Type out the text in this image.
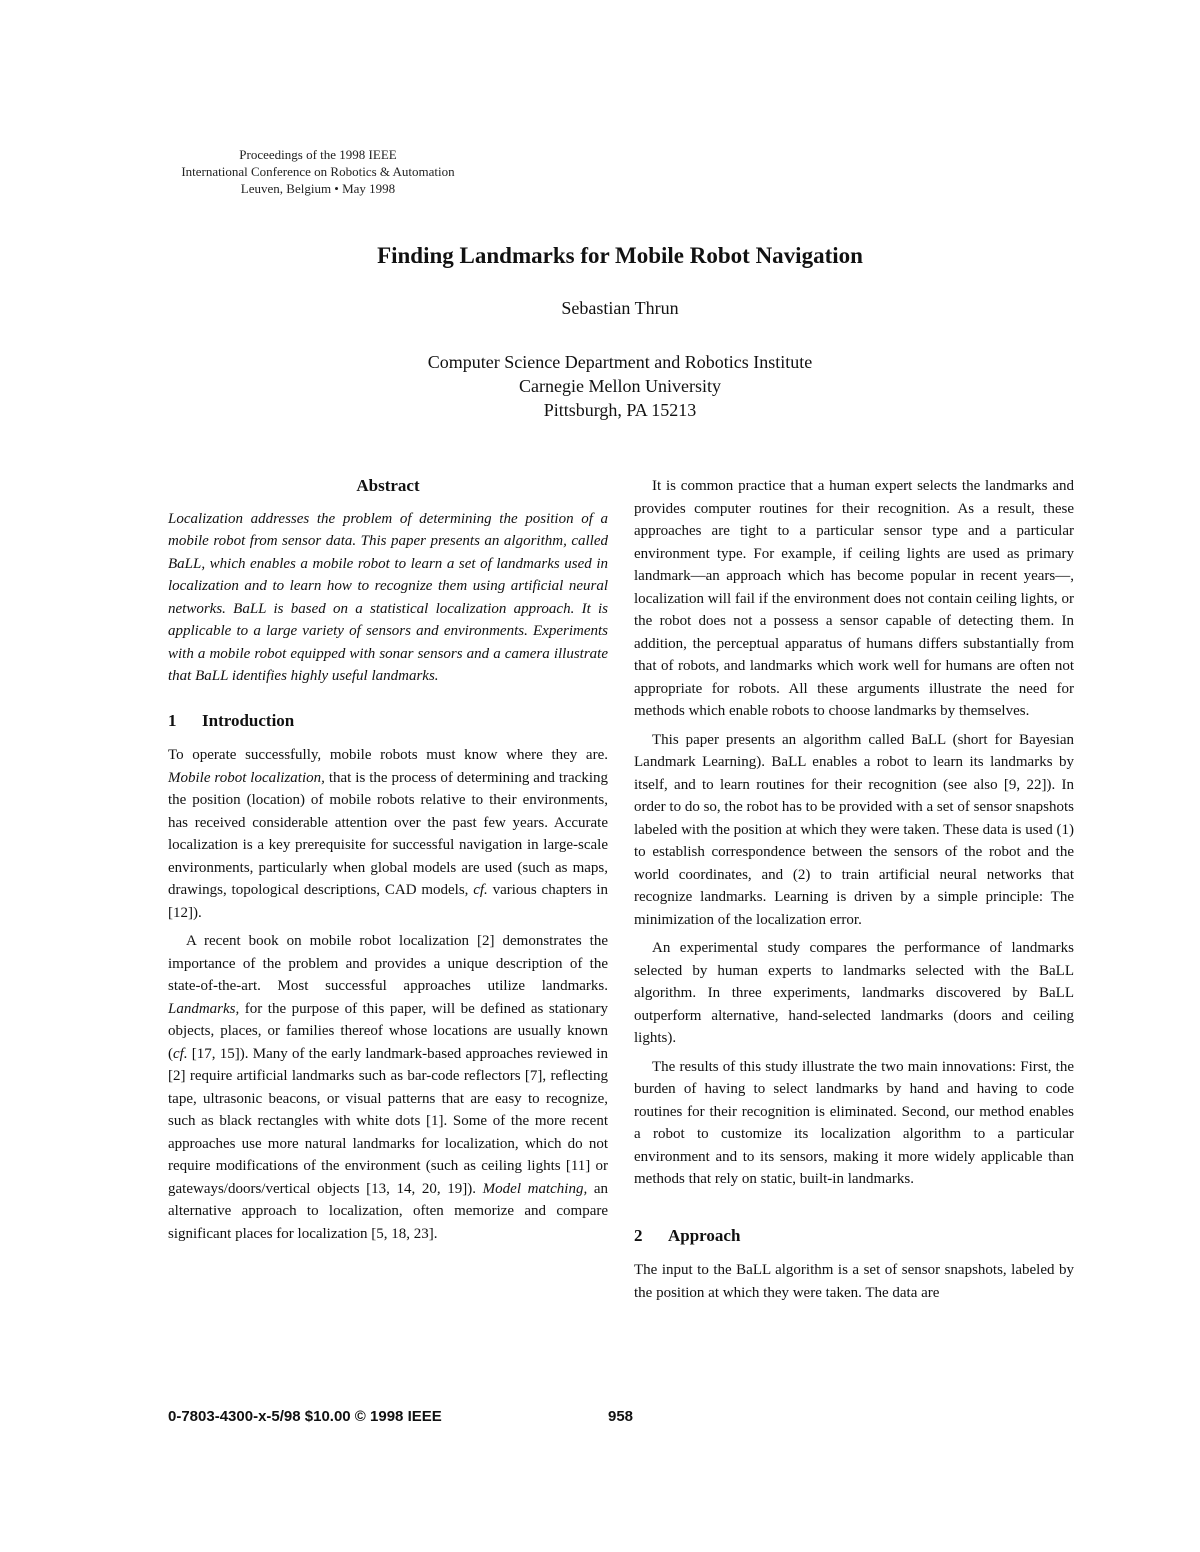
Proceedings of the 1998 IEEE
International Conference on Robotics & Automation
Leuven, Belgium • May 1998
Finding Landmarks for Mobile Robot Navigation
Sebastian Thrun
Computer Science Department and Robotics Institute
Carnegie Mellon University
Pittsburgh, PA 15213
Abstract

Localization addresses the problem of determining the position of a mobile robot from sensor data. This paper presents an algorithm, called BaLL, which enables a mobile robot to learn a set of landmarks used in localization and to learn how to recognize them using artificial neural networks. BaLL is based on a statistical localization approach. It is applicable to a large variety of sensors and environments. Experiments with a mobile robot equipped with sonar sensors and a camera illustrate that BaLL identifies highly useful landmarks.

1 Introduction

To operate successfully, mobile robots must know where they are. Mobile robot localization, that is the process of determining and tracking the position (location) of mobile robots relative to their environments, has received considerable attention over the past few years. Accurate localization is a key prerequisite for successful navigation in large-scale environments, particularly when global models are used (such as maps, drawings, topological descriptions, CAD models, cf. various chapters in [12]).

A recent book on mobile robot localization [2] demonstrates the importance of the problem and provides a unique description of the state-of-the-art. Most successful approaches utilize landmarks. Landmarks, for the purpose of this paper, will be defined as stationary objects, places, or families thereof whose locations are usually known (cf. [17, 15]). Many of the early landmark-based approaches reviewed in [2] require artificial landmarks such as bar-code reflectors [7], reflecting tape, ultrasonic beacons, or visual patterns that are easy to recognize, such as black rectangles with white dots [1]. Some of the more recent approaches use more natural landmarks for localization, which do not require modifications of the environment (such as ceiling lights [11] or gateways/doors/vertical objects [13, 14, 20, 19]). Model matching, an alternative approach to localization, often memorize and compare significant places for localization [5, 18, 23].

It is common practice that a human expert selects the landmarks and provides computer routines for their recognition. As a result, these approaches are tight to a particular sensor type and a particular environment type. For example, if ceiling lights are used as primary landmark—an approach which has become popular in recent years—, localization will fail if the environment does not contain ceiling lights, or the robot does not a possess a sensor capable of detecting them. In addition, the perceptual apparatus of humans differs substantially from that of robots, and landmarks which work well for humans are often not appropriate for robots. All these arguments illustrate the need for methods which enable robots to choose landmarks by themselves.

This paper presents an algorithm called BaLL (short for Bayesian Landmark Learning). BaLL enables a robot to learn its landmarks by itself, and to learn routines for their recognition (see also [9, 22]). In order to do so, the robot has to be provided with a set of sensor snapshots labeled with the position at which they were taken. These data is used (1) to establish correspondence between the sensors of the robot and the world coordinates, and (2) to train artificial neural networks that recognize landmarks. Learning is driven by a simple principle: The minimization of the localization error.

An experimental study compares the performance of landmarks selected by human experts to landmarks selected with the BaLL algorithm. In three experiments, landmarks discovered by BaLL outperform alternative, hand-selected landmarks (doors and ceiling lights).

The results of this study illustrate the two main innovations: First, the burden of having to select landmarks by hand and having to code routines for their recognition is eliminated. Second, our method enables a robot to customize its localization algorithm to a particular environment and to its sensors, making it more widely applicable than methods that rely on static, built-in landmarks.

2 Approach

The input to the BaLL algorithm is a set of sensor snapshots, labeled by the position at which they were taken. The data are

0-7803-4300-x-5/98 $10.00 © 1998 IEEE	958
